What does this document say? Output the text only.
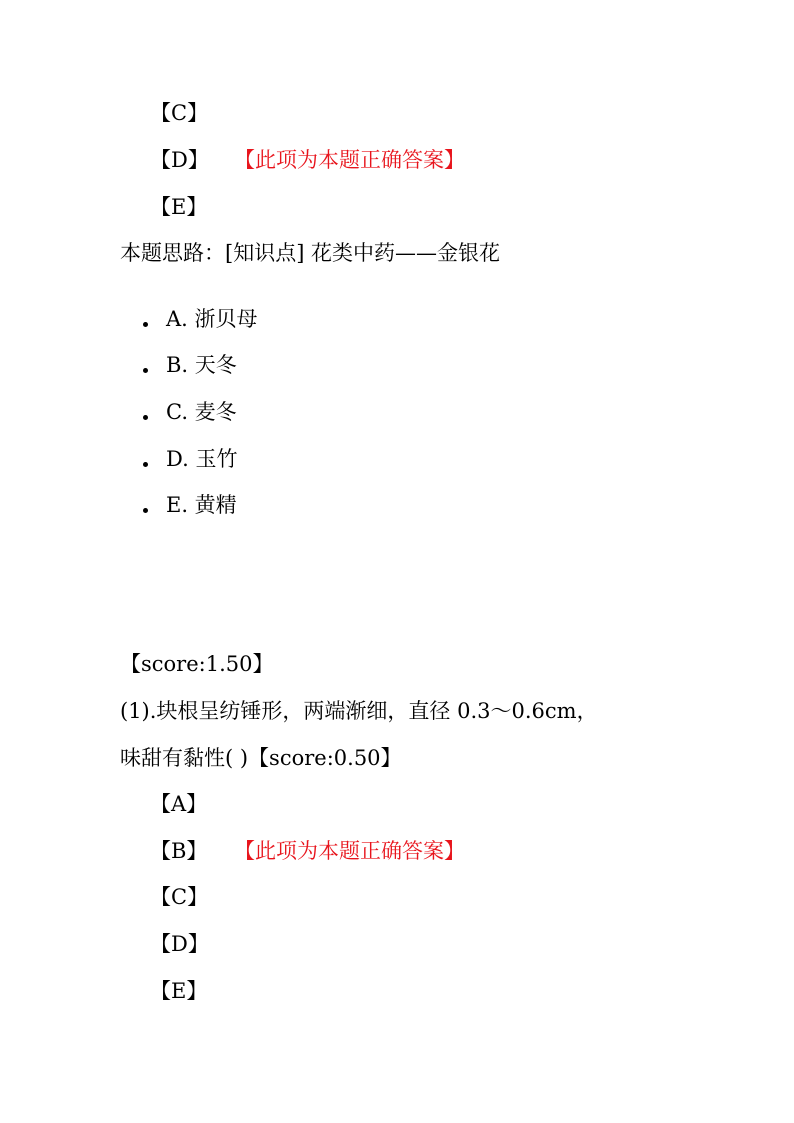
【C】
【D】 【此项为本题正确答案】
【E】
本题思路：[知识点] 花类中药——金银花
A. 浙贝母
B. 天冬
C. 麦冬
D. 玉竹
E. 黄精
【score:1.50】
(1).块根呈纺锤形，两端渐细，直径 0.3～0.6cm，
味甜有黏性( )【score:0.50】
【A】
【B】 【此项为本题正确答案】
【C】
【D】
【E】
